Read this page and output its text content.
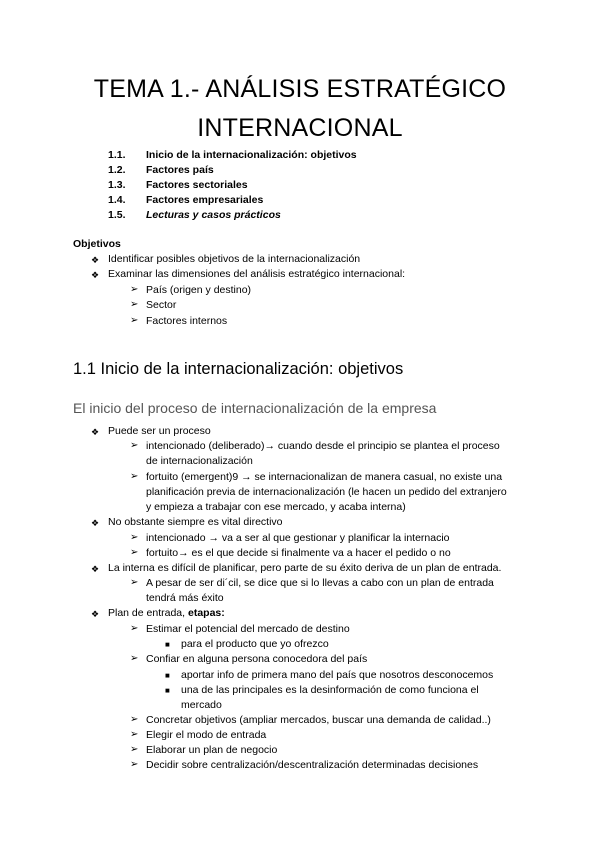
TEMA 1.- ANÁLISIS ESTRATÉGICO
INTERNACIONAL
1.1. Inicio de la internacionalización: objetivos
1.2. Factores país
1.3. Factores sectoriales
1.4. Factores empresariales
1.5. Lecturas y casos prácticos
Objetivos
❖ Identificar posibles objetivos de la internacionalización
❖ Examinar las dimensiones del análisis estratégico internacional:
➢ País (origen y destino)
➢ Sector
➢ Factores internos
1.1 Inicio de la internacionalización: objetivos
El inicio del proceso de internacionalización de la empresa
❖ Puede ser un proceso
➢ intencionado (deliberado)→ cuando desde el principio se plantea el proceso
de internacionalización
➢ fortuito (emergent)9 → se internacionalizan de manera casual, no existe una
planificación previa de internacionalización (le hacen un pedido del extranjero
y empieza a trabajar con ese mercado, y acaba interna)
❖ No obstante siempre es vital directivo
➢ intencionado → va a ser al que gestionar y planificar la internacio
➢ fortuito→ es el que decide si finalmente va a hacer el pedido o no
❖ La interna es difícil de planificar, pero parte de su éxito deriva de un plan de entrada.
➢ A pesar de ser di´cil, se dice que si lo llevas a cabo con un plan de entrada
tendrá más éxito
❖ Plan de entrada, etapas:
➢ Estimar el potencial del mercado de destino
■ para el producto que yo ofrezco
➢ Confiar en alguna persona conocedora del país
■ aportar info de primera mano del país que nosotros desconocemos
■ una de las principales es la desinformación de como funciona el
mercado
➢ Concretar objetivos (ampliar mercados, buscar una demanda de calidad..)
➢ Elegir el modo de entrada
➢ Elaborar un plan de negocio
➢ Decidir sobre centralización/descentralización determinadas decisiones
